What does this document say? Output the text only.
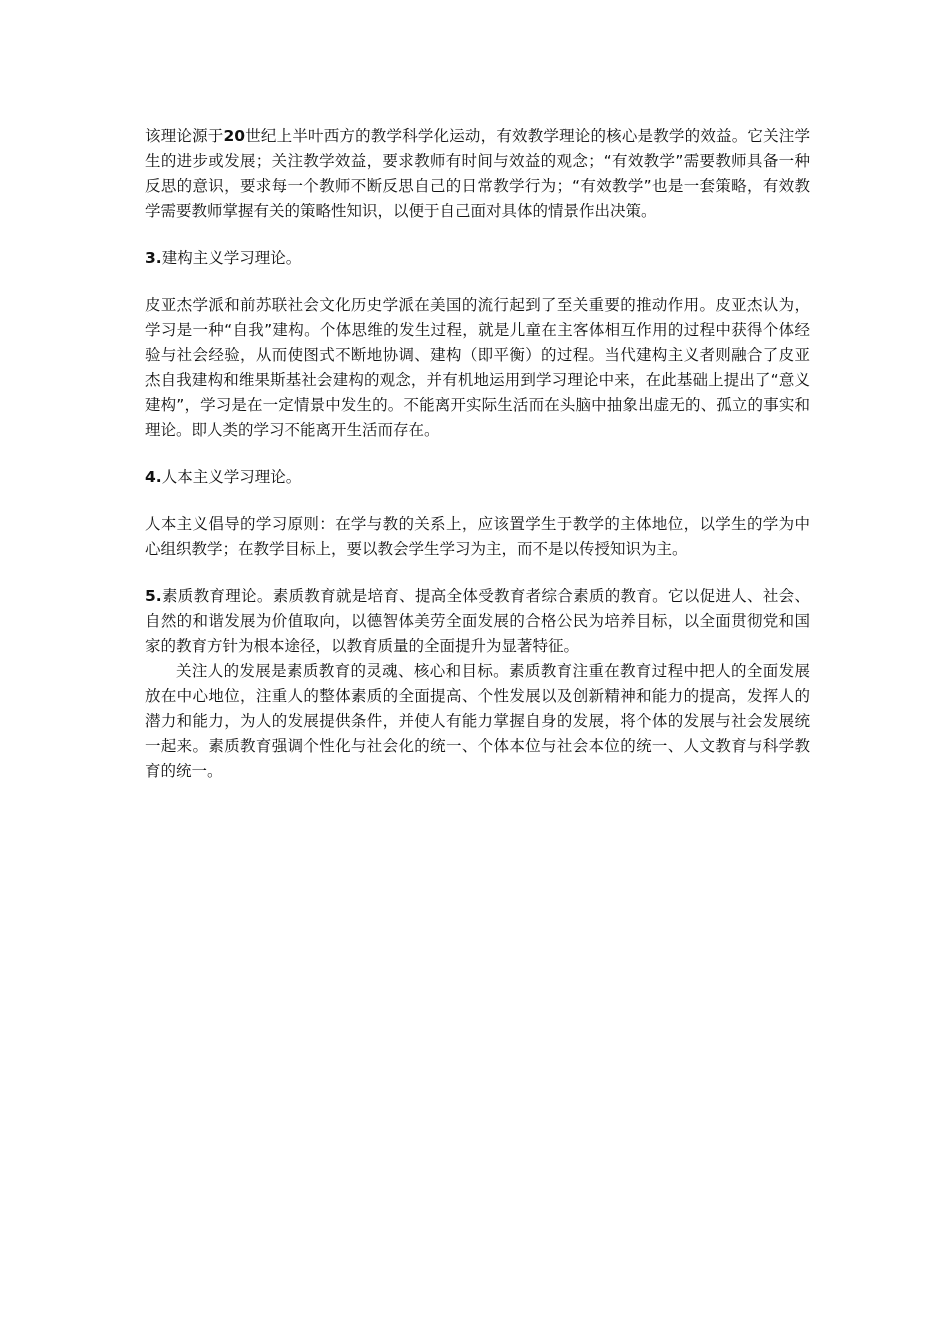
该理论源于20世纪上半叶西方的教学科学化运动，有效教学理论的核心是教学的效益。它关注学生的进步或发展；关注教学效益，要求教师有时间与效益的观念；“有效教学”需要教师具备一种反思的意识，要求每一个教师不断反思自己的日常教学行为；“有效教学”也是一套策略，有效教学需要教师掌握有关的策略性知识，以便于自己面对具体的情景作出决策。

3.建构主义学习理论。

皮亚杰学派和前苏联社会文化历史学派在美国的流行起到了至关重要的推动作用。皮亚杰认为，学习是一种“自我”建构。个体思维的发生过程，就是儿童在主客体相互作用的过程中获得个体经验与社会经验，从而使图式不断地协调、建构（即平衡）的过程。当代建构主义者则融合了皮亚杰自我建构和维果斯基社会建构的观念，并有机地运用到学习理论中来，在此基础上提出了“意义建构”，学习是在一定情景中发生的。不能离开实际生活而在头脑中抽象出虚无的、孤立的事实和理论。即人类的学习不能离开生活而存在。

4.人本主义学习理论。

人本主义倡导的学习原则：在学与教的关系上，应该置学生于教学的主体地位，以学生的学为中心组织教学；在教学目标上，要以教会学生学习为主，而不是以传授知识为主。

5.素质教育理论。素质教育就是培育、提高全体受教育者综合素质的教育。它以促进人、社会、自然的和谐发展为价值取向，以德智体美劳全面发展的合格公民为培养目标，以全面贯彻党和国家的教育方针为根本途径，以教育质量的全面提升为显著特征。

关注人的发展是素质教育的灵魂、核心和目标。素质教育注重在教育过程中把人的全面发展放在中心地位，注重人的整体素质的全面提高、个性发展以及创新精神和能力的提高，发挥人的潜力和能力，为人的发展提供条件，并使人有能力掌握自身的发展，将个体的发展与社会发展统一起来。素质教育强调个性化与社会化的统一、个体本位与社会本位的统一、人文教育与科学教育的统一。
